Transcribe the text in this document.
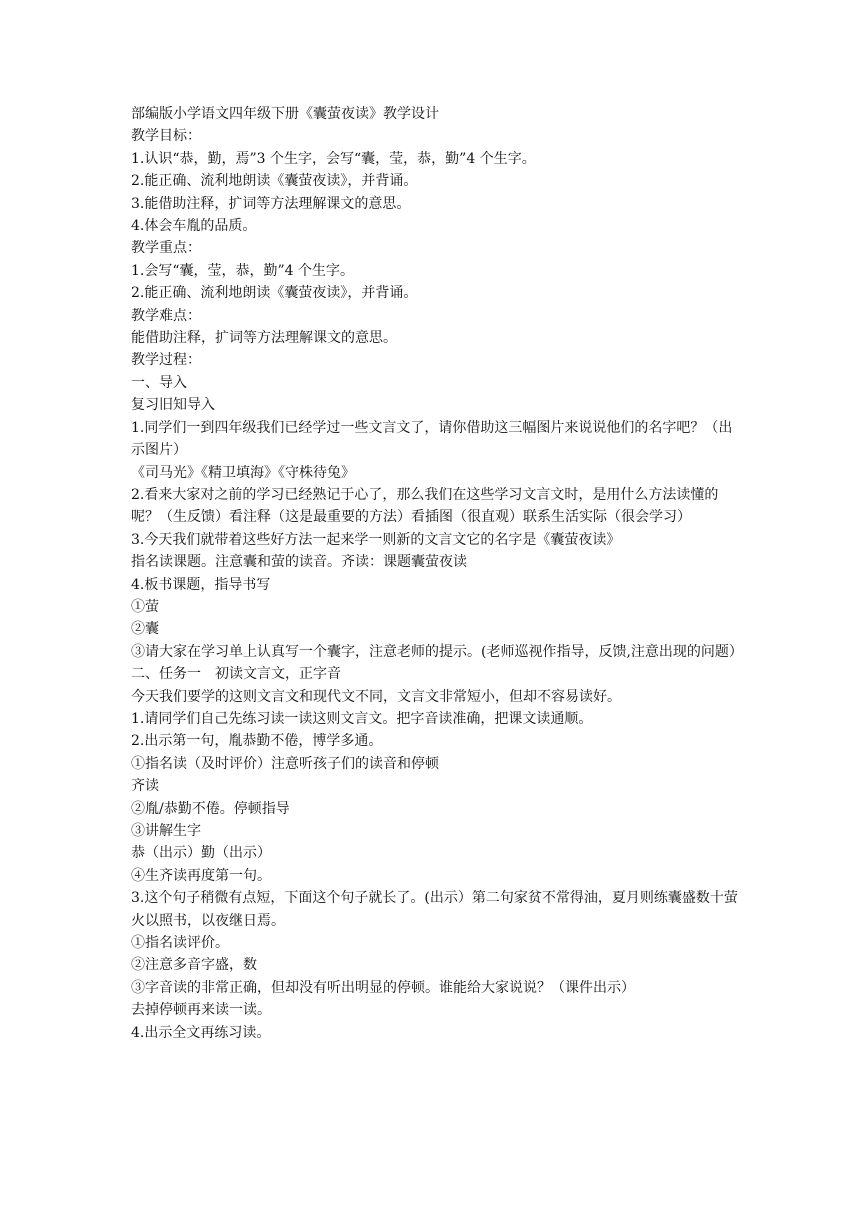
部编版小学语文四年级下册《囊萤夜读》教学设计
教学目标：
1.认识“恭，勤，焉”3 个生字，会写“囊，莹，恭，勤”4 个生字。
2.能正确、流利地朗读《囊萤夜读》，并背诵。
3.能借助注释，扩词等方法理解课文的意思。
4.体会车胤的品质。
教学重点：
1.会写“囊，莹，恭，勤”4 个生字。
2.能正确、流利地朗读《囊萤夜读》，并背诵。
教学难点：
能借助注释，扩词等方法理解课文的意思。
教学过程：
一、导入
复习旧知导入
1.同学们一到四年级我们已经学过一些文言文了，请你借助这三幅图片来说说他们的名字吧？（出示图片）
《司马光》《精卫填海》《守株待兔》
2.看来大家对之前的学习已经熟记于心了，那么我们在这些学习文言文时，是用什么方法读懂的呢？（生反馈）看注释（这是最重要的方法）看插图（很直观）联系生活实际（很会学习）
3.今天我们就带着这些好方法一起来学一则新的文言文它的名字是《囊萤夜读》
指名读课题。注意囊和萤的读音。齐读：课题囊萤夜读
4.板书课题，指导书写
①萤
②囊
③请大家在学习单上认真写一个囊字，注意老师的提示。(老师巡视作指导，反馈,注意出现的问题）
二、任务一　初读文言文，正字音
今天我们要学的这则文言文和现代文不同，文言文非常短小，但却不容易读好。
1.请同学们自己先练习读一读这则文言文。把字音读准确，把课文读通顺。
2.出示第一句，胤恭勤不倦，博学多通。
①指名读（及时评价）注意听孩子们的读音和停顿
齐读
②胤/恭勤不倦。停顿指导
③讲解生字
恭（出示）勤（出示）
④生齐读再度第一句。
3.这个句子稍微有点短，下面这个句子就长了。(出示）第二句家贫不常得油，夏月则练囊盛数十萤火以照书，以夜继日焉。
①指名读评价。
②注意多音字盛，数
③字音读的非常正确，但却没有听出明显的停顿。谁能给大家说说？（课件出示）
去掉停顿再来读一读。
4.出示全文再练习读。
